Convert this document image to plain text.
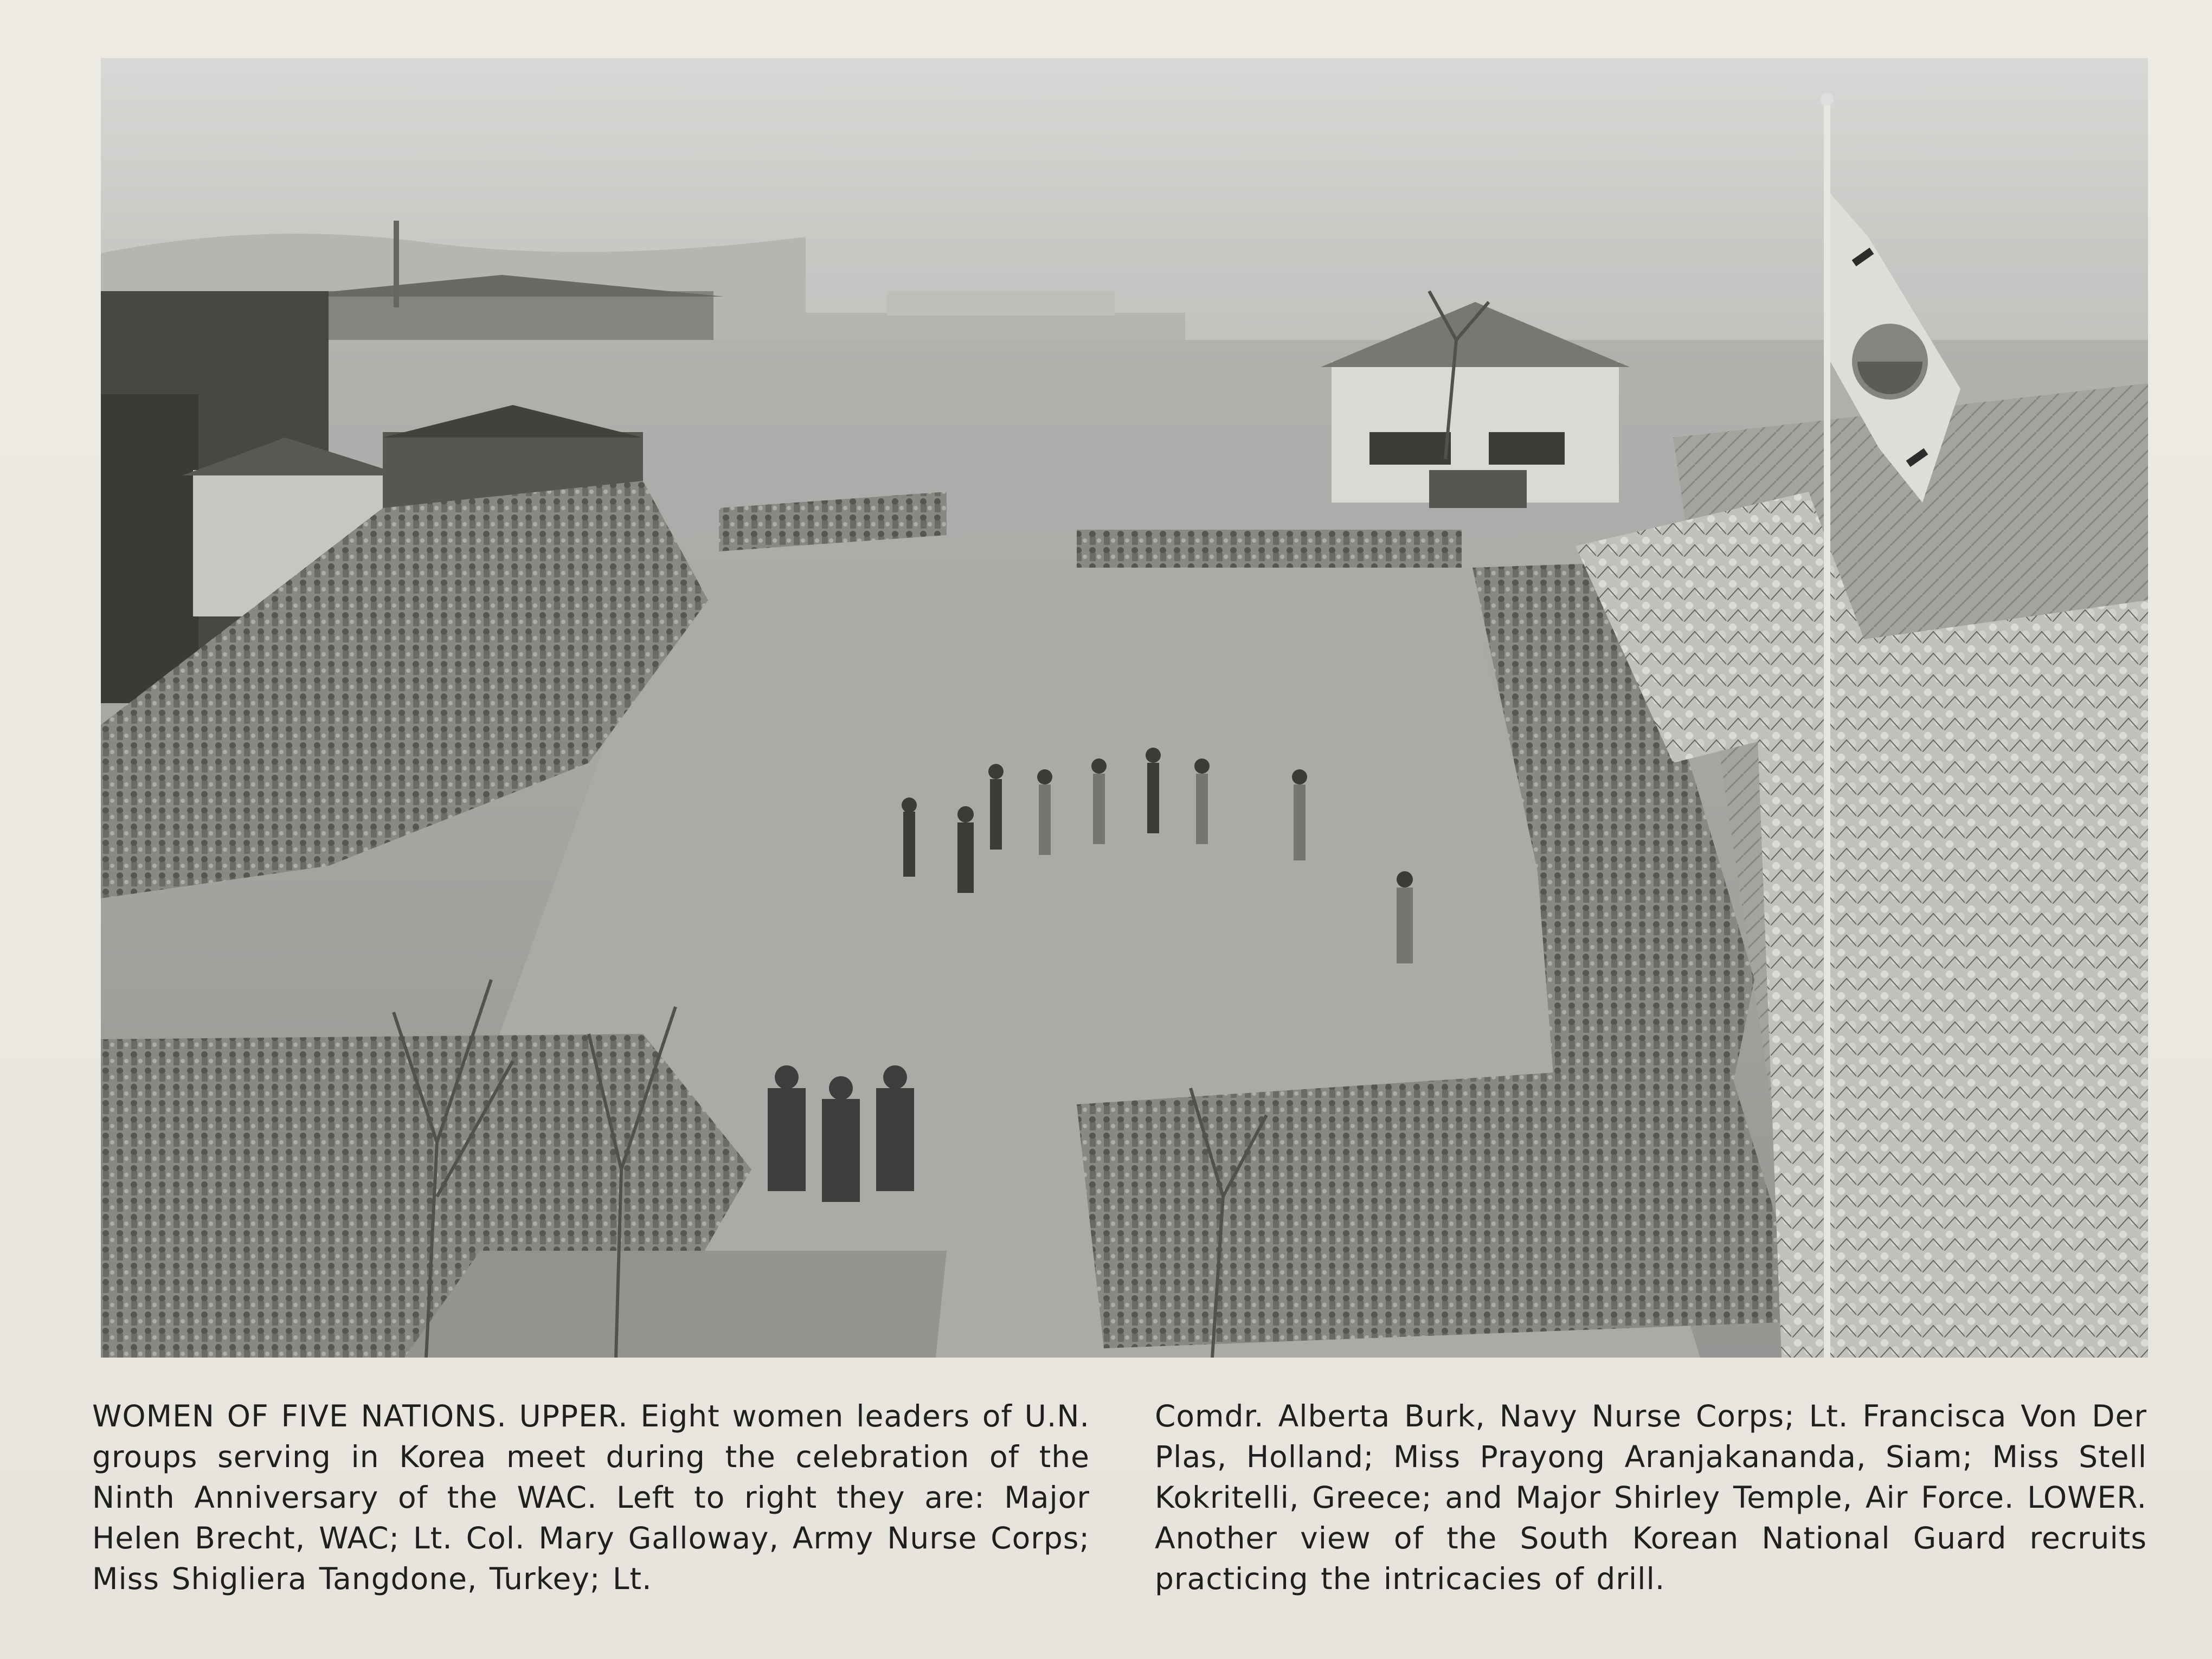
WOMEN OF FIVE NATIONS. UPPER. Eight women leaders of U.N. groups serving in Korea meet during the celebration of the Ninth Anniversary of the WAC. Left to right they are: Major Helen Brecht, WAC; Lt. Col. Mary Galloway, Army Nurse Corps; Miss Shigliera Tangdone, Turkey; Lt.
Comdr. Alberta Burk, Navy Nurse Corps; Lt. Francisca Von Der Plas, Holland; Miss Prayong Aranjakananda, Siam; Miss Stell Kokritelli, Greece; and Major Shirley Temple, Air Force. LOWER. Another view of the South Korean National Guard recruits practicing the intricacies of drill.
